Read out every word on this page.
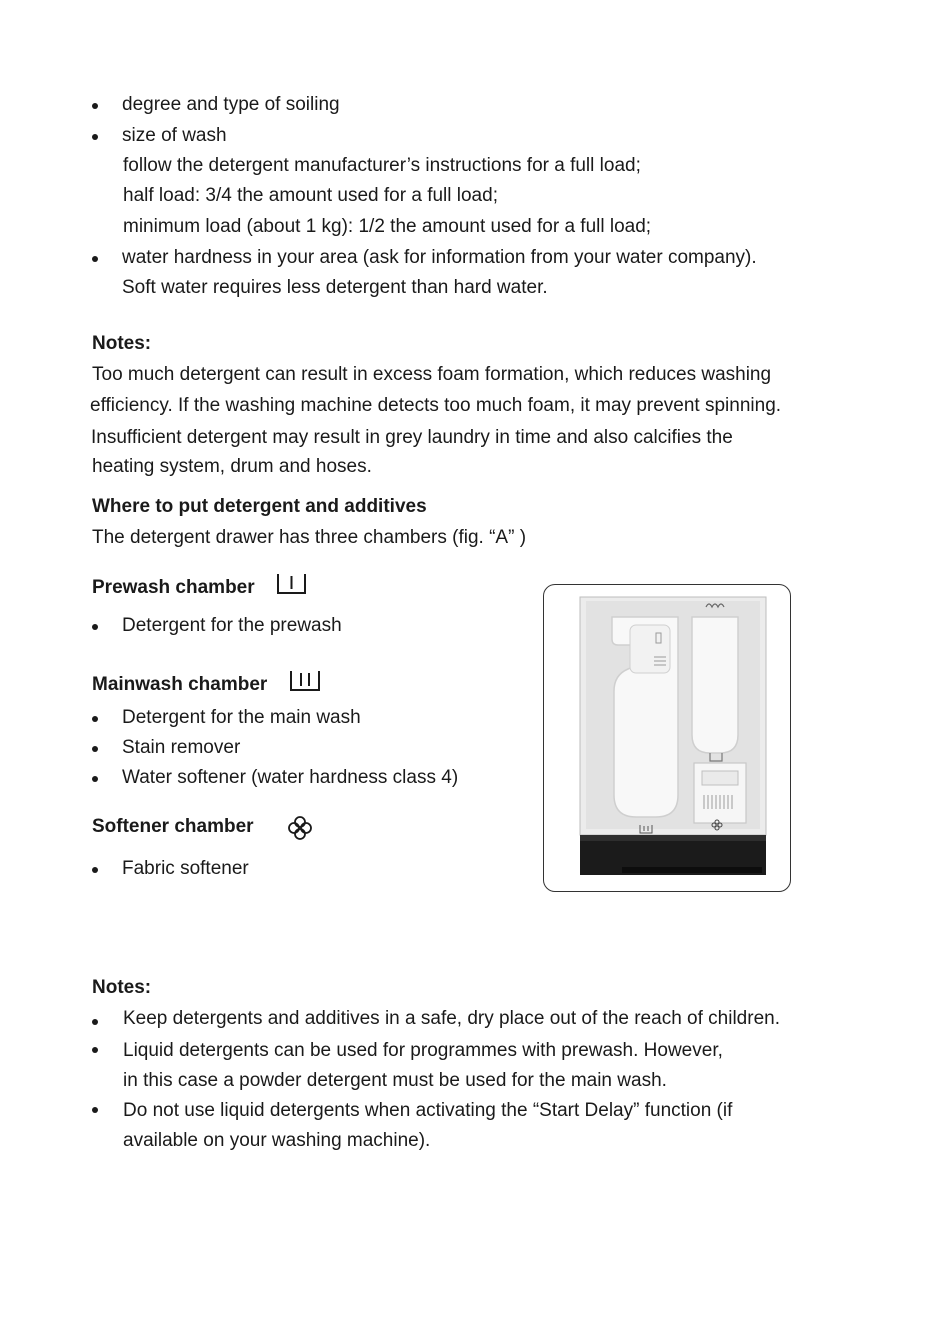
degree and type of soiling
size of wash
follow the detergent manufacturer’s instructions for a full load;
half load: 3/4 the amount used for a full load;
minimum load (about 1 kg): 1/2 the amount used for a full load;
water hardness in your area (ask for information from your water company).
Soft water requires less detergent than hard water.
Notes:
Too much detergent can result in excess foam formation, which reduces washing
efficiency. If the washing machine detects too much foam, it may prevent spinning.
Insufficient detergent may result in grey laundry in time and also calcifies the
heating system, drum and hoses.
Where to put detergent and additives
The detergent drawer has three chambers (fig. “A” )
Prewash chamber
Detergent for the prewash
Mainwash chamber
Detergent for the main wash
Stain remover
Water softener (water hardness class 4)
Softener chamber
Fabric softener
Notes:
Keep detergents and additives in a safe, dry place out of the reach of children.
Liquid detergents can be used for programmes with prewash. However,
in this case a powder detergent must be used for the main wash.
Do not use liquid detergents when activating the “Start Delay” function (if
available on your washing machine).
